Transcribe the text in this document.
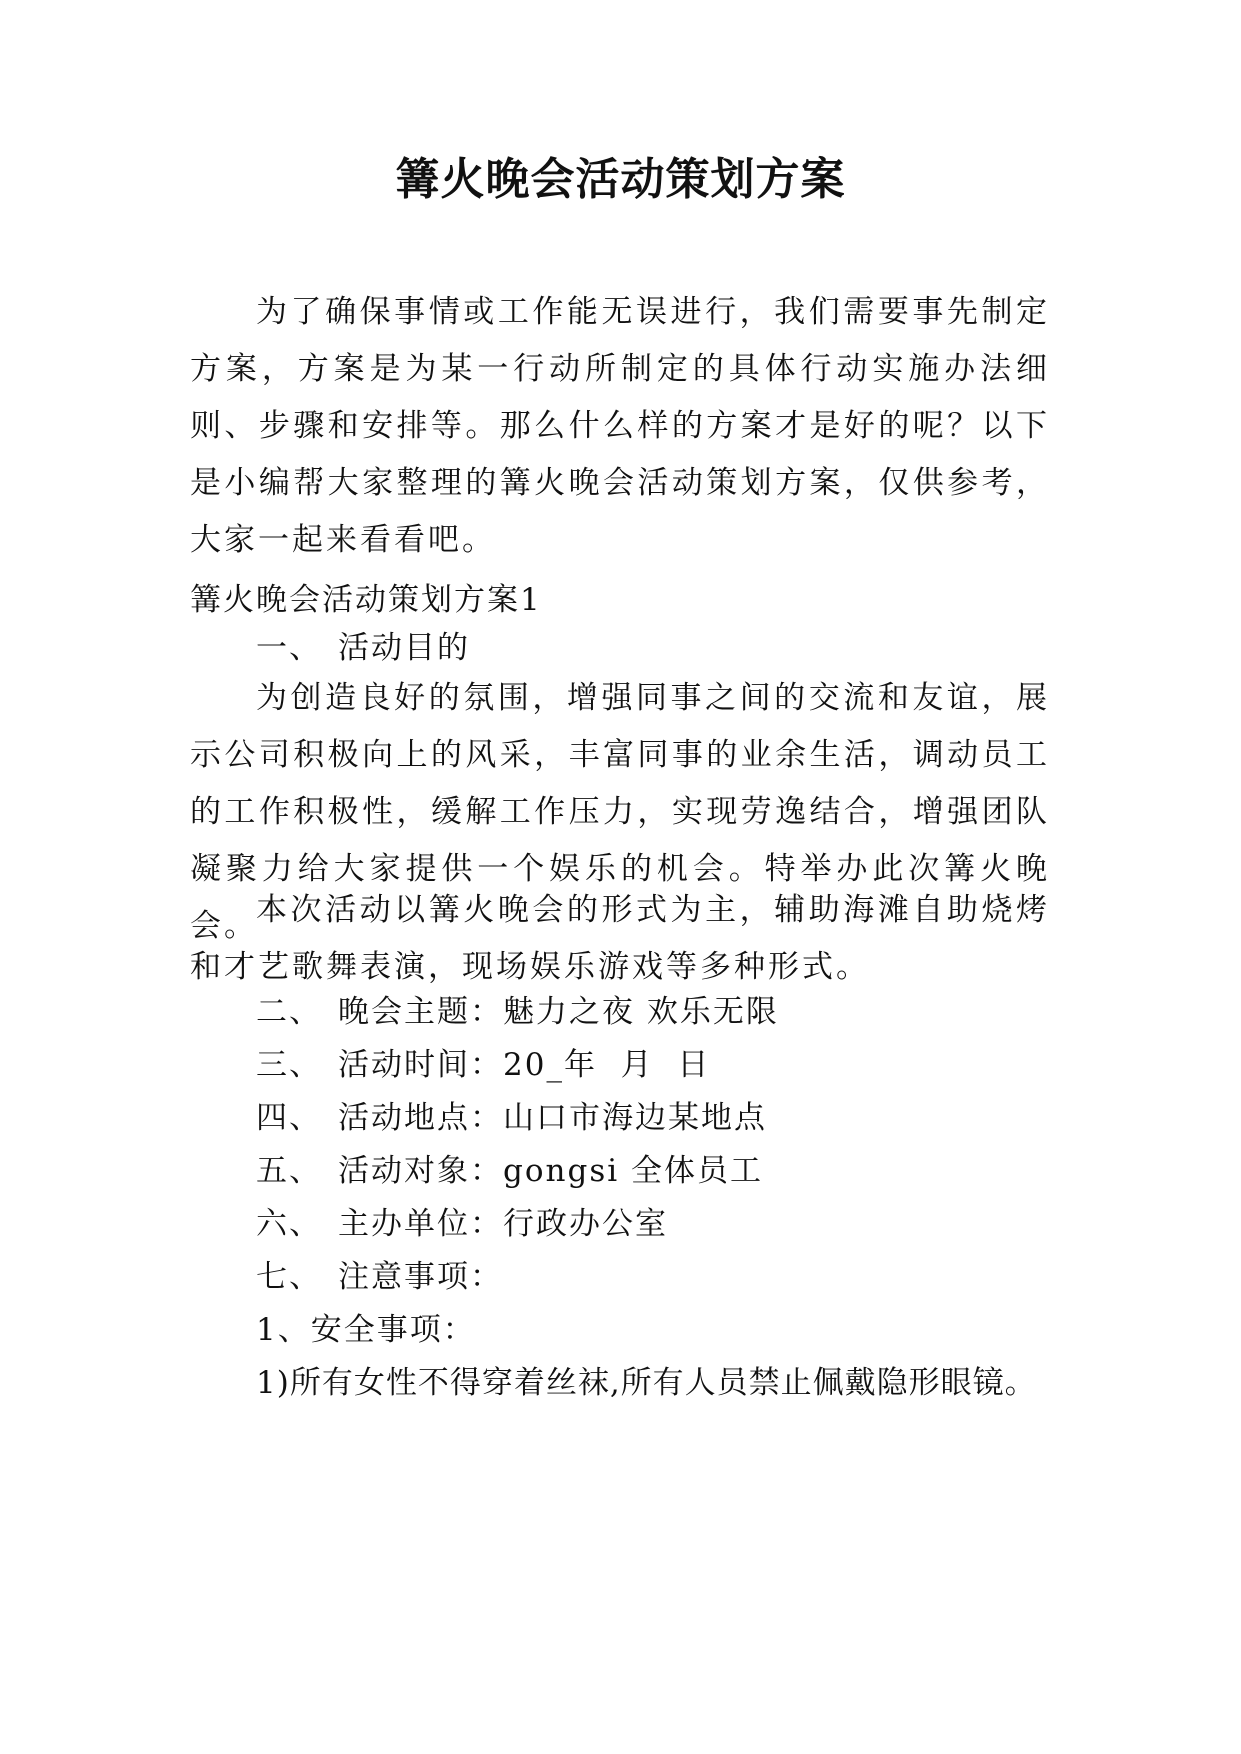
篝火晚会活动策划方案

为了确保事情或工作能无误进行，我们需要事先制定方案，方案是为某一行动所制定的具体行动实施办法细则、步骤和安排等。那么什么样的方案才是好的呢？以下是小编帮大家整理的篝火晚会活动策划方案，仅供参考，大家一起来看看吧。

篝火晚会活动策划方案1
一、 活动目的

为创造良好的氛围，增强同事之间的交流和友谊，展示公司积极向上的风采，丰富同事的业余生活，调动员工的工作积极性，缓解工作压力，实现劳逸结合，增强团队凝聚力给大家提供一个娱乐的机会。特举办此次篝火晚会。

本次活动以篝火晚会的形式为主，辅助海滩自助烧烤和才艺歌舞表演，现场娱乐游戏等多种形式。

二、 晚会主题：魅力之夜 欢乐无限
三、 活动时间：20_年  月  日
四、 活动地点：山口市海边某地点
五、 活动对象：gongsi 全体员工
六、 主办单位：行政办公室
七、 注意事项：
1、安全事项：
1)所有女性不得穿着丝袜,所有人员禁止佩戴隐形眼镜。
